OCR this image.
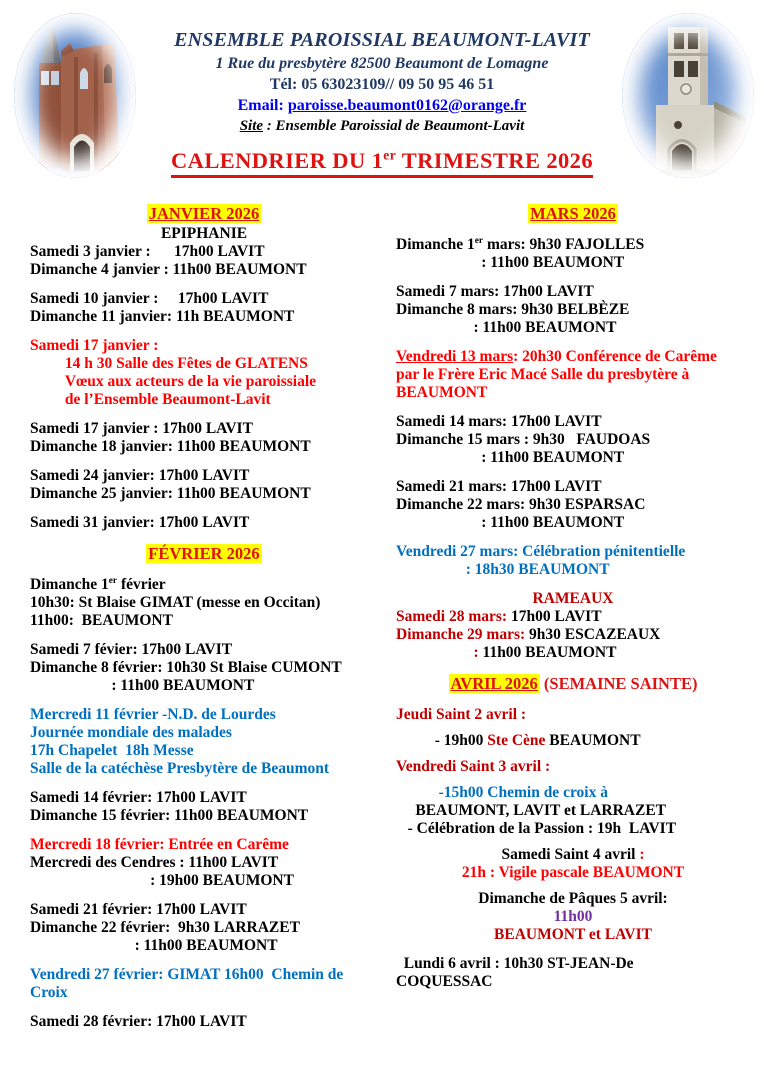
ENSEMBLE PAROISSIAL BEAUMONT-LAVIT
1 Rue du presbytère 82500 Beaumont de Lomagne
Tél: 05 63023109// 09 50 95 46 51
Email: paroisse.beaumont0162@orange.fr
Site : Ensemble Paroissial de Beaumont-Lavit
CALENDRIER DU 1er TRIMESTRE 2026
JANVIER 2026
EPIPHANIE
Samedi 3 janvier :      17h00 LAVIT
Dimanche 4 janvier : 11h00 BEAUMONT
Samedi 10 janvier :     17h00 LAVIT
Dimanche 11 janvier: 11h BEAUMONT
Samedi 17 janvier :
14 h 30 Salle des Fêtes de GLATENS
Vœux aux acteurs de la vie paroissiale
de l’Ensemble Beaumont-Lavit
Samedi 17 janvier : 17h00 LAVIT
Dimanche 18 janvier: 11h00 BEAUMONT
Samedi 24 janvier: 17h00 LAVIT
Dimanche 25 janvier: 11h00 BEAUMONT
Samedi 31 janvier: 17h00 LAVIT
FÉVRIER 2026
Dimanche 1er février
10h30: St Blaise GIMAT (messe en Occitan)
11h00:  BEAUMONT
Samedi 7 févier: 17h00 LAVIT
Dimanche 8 février: 10h30 St Blaise CUMONT
: 11h00 BEAUMONT
Mercredi 11 février -N.D. de Lourdes
Journée mondiale des malades
17h Chapelet  18h Messe
Salle de la catéchèse Presbytère de Beaumont
Samedi 14 février: 17h00 LAVIT
Dimanche 15 février: 11h00 BEAUMONT
Mercredi 18 février: Entrée en Carême
Mercredi des Cendres : 11h00 LAVIT
: 19h00 BEAUMONT
Samedi 21 février: 17h00 LAVIT
Dimanche 22 février:  9h30 LARRAZET
: 11h00 BEAUMONT
Vendredi 27 février: GIMAT 16h00  Chemin de
Croix
Samedi 28 février: 17h00 LAVIT
MARS 2026
Dimanche 1er mars: 9h30 FAJOLLES
: 11h00 BEAUMONT
Samedi 7 mars: 17h00 LAVIT
Dimanche 8 mars: 9h30 BELBÈZE
: 11h00 BEAUMONT
Vendredi 13 mars: 20h30 Conférence de Carême
par le Frère Eric Macé Salle du presbytère à
BEAUMONT
Samedi 14 mars: 17h00 LAVIT
Dimanche 15 mars : 9h30   FAUDOAS
: 11h00 BEAUMONT
Samedi 21 mars: 17h00 LAVIT
Dimanche 22 mars: 9h30 ESPARSAC
: 11h00 BEAUMONT
Vendredi 27 mars: Célébration pénitentielle
: 18h30 BEAUMONT
RAMEAUX
Samedi 28 mars: 17h00 LAVIT
Dimanche 29 mars: 9h30 ESCAZEAUX
: 11h00 BEAUMONT
AVRIL 2026 (SEMAINE SAINTE)
Jeudi Saint 2 avril :
- 19h00 Ste Cène BEAUMONT
Vendredi Saint 3 avril :
-15h00 Chemin de croix à
BEAUMONT, LAVIT et LARRAZET
- Célébration de la Passion : 19h  LAVIT
Samedi Saint 4 avril :
21h : Vigile pascale BEAUMONT
Dimanche de Pâques 5 avril:
11h00
BEAUMONT et LAVIT
Lundi 6 avril : 10h30 ST-JEAN-De
COQUESSAC
